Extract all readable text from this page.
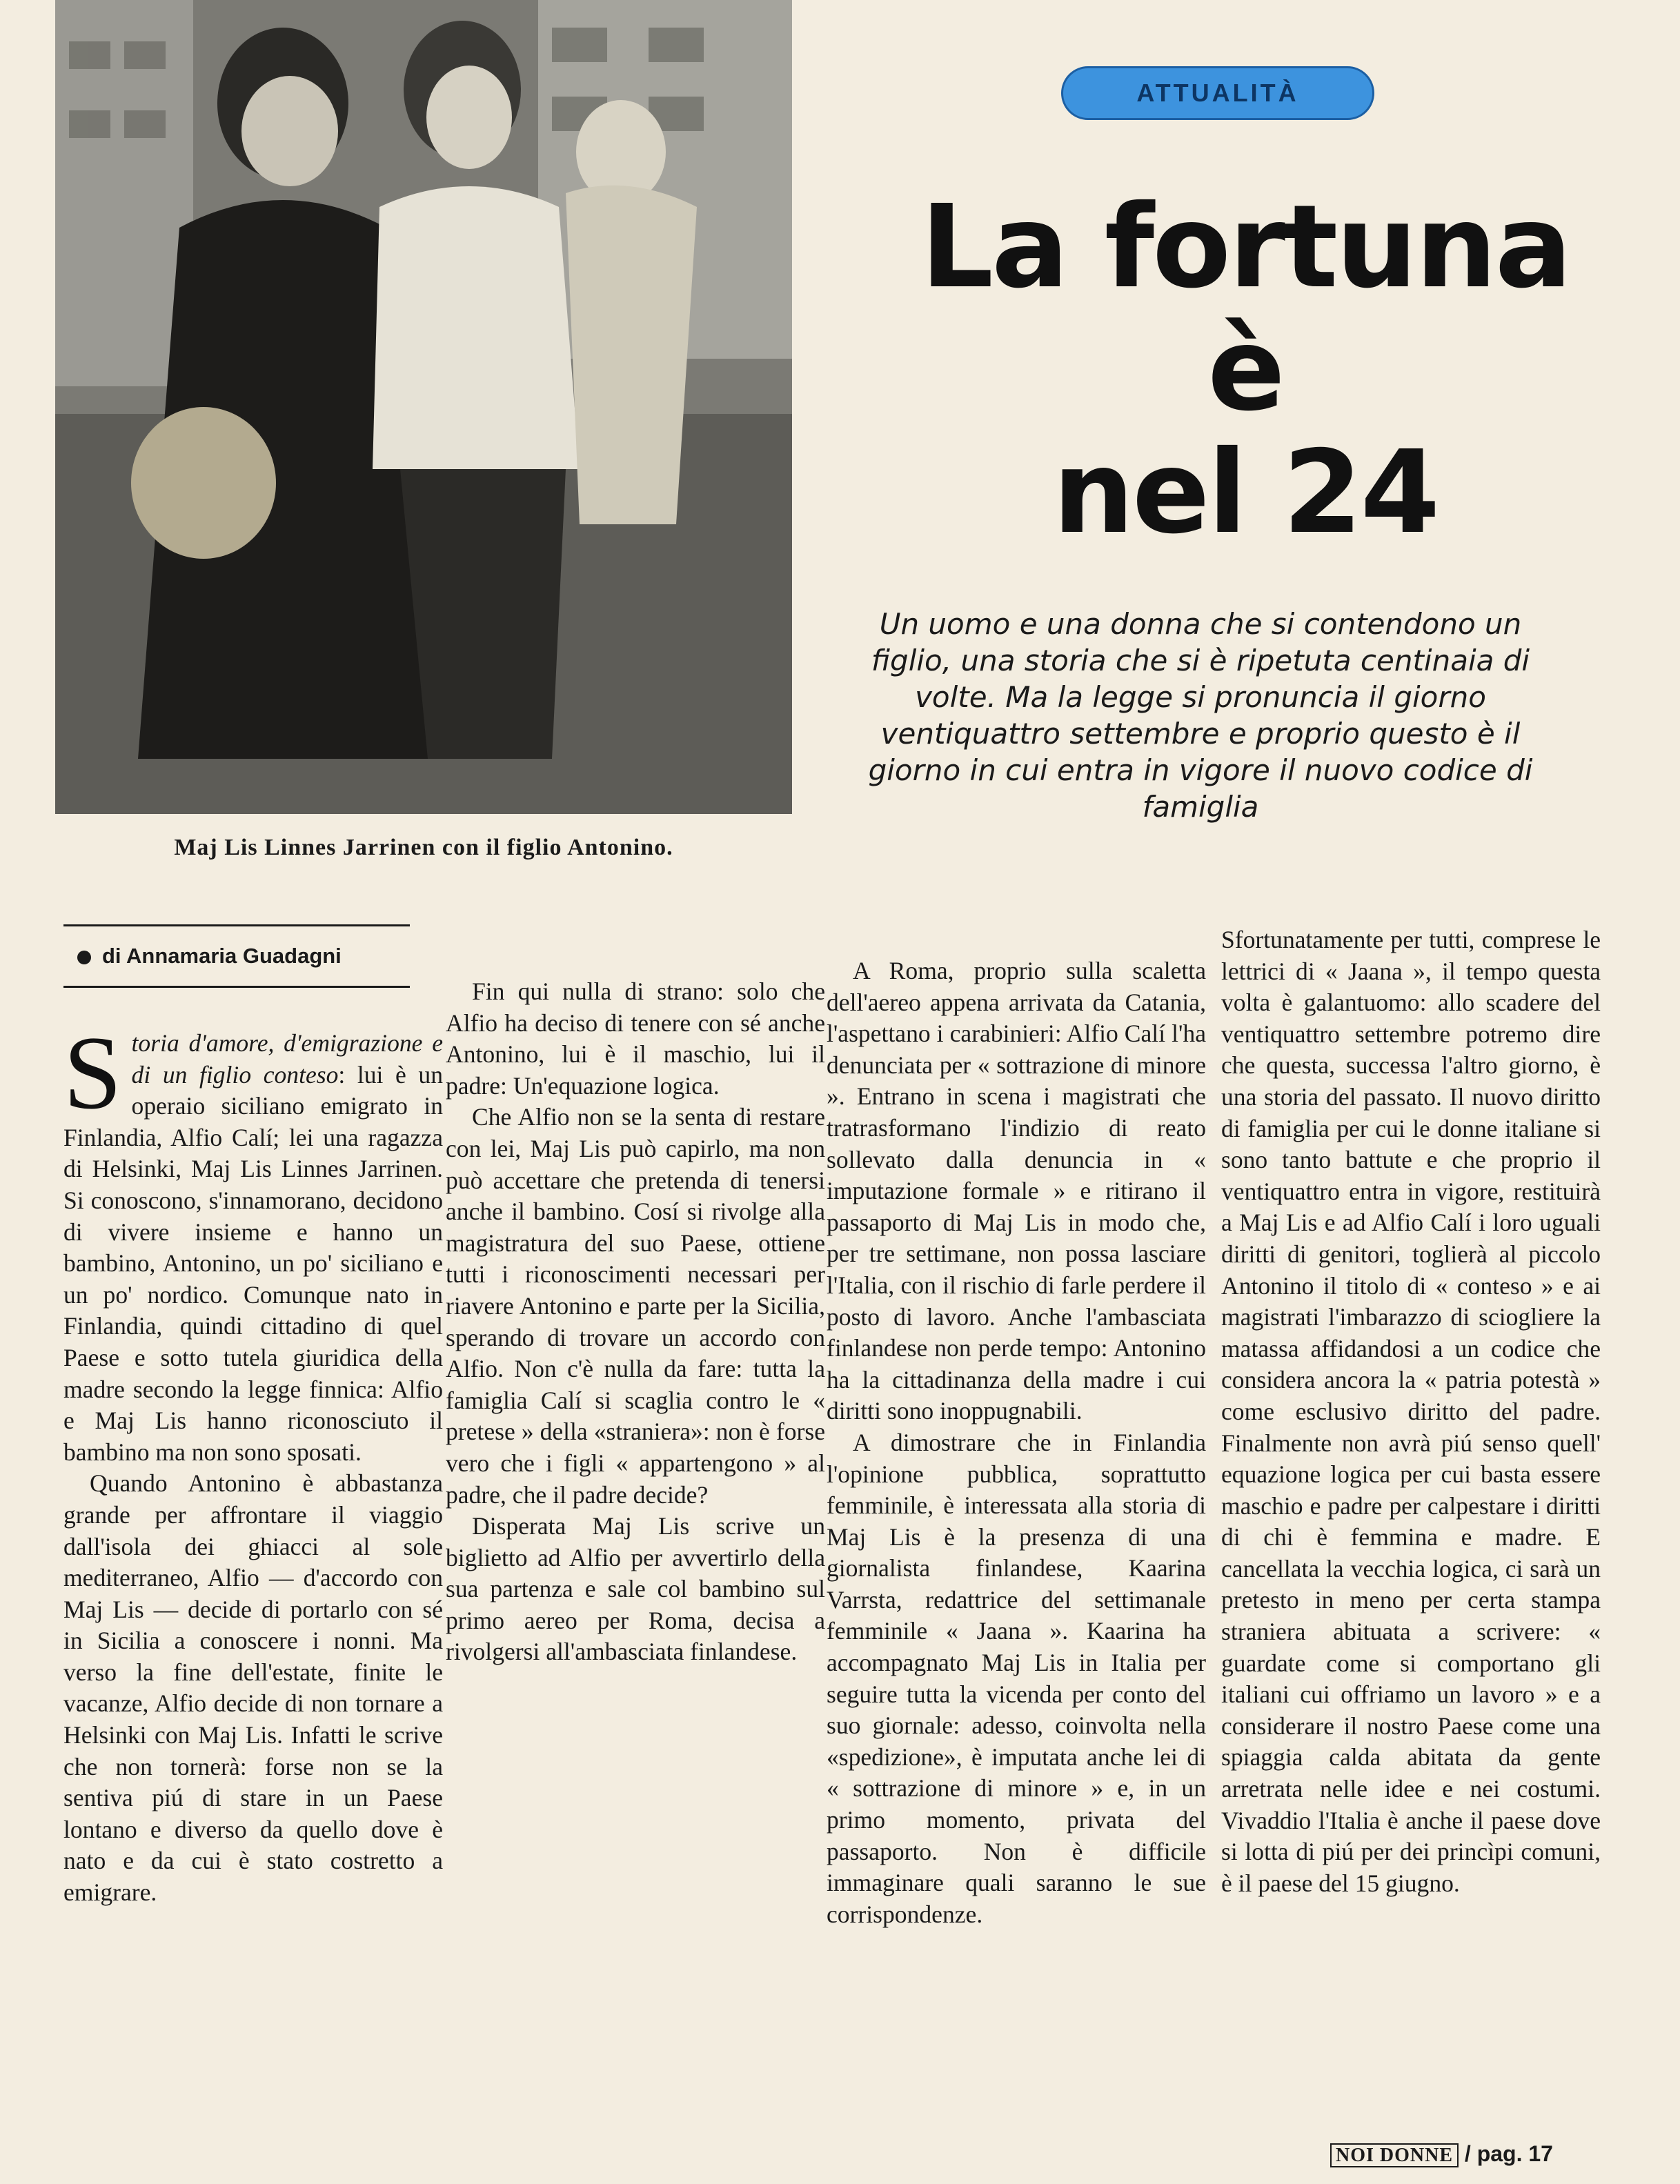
Maj Lis Linnes Jarrinen con il figlio Antonino.
ATTUALITÀ
La fortuna
è
nel 24
Un uomo e una donna che si contendono un figlio, una storia che si è ripetuta centinaia di volte. Ma la legge si pronuncia il giorno ventiquattro settembre e proprio questo è il giorno in cui entra in vigore il nuovo codice di famiglia
di Annamaria Guadagni

Storia d'amore, d'emigrazione e di un figlio conteso: lui è un operaio siciliano emigrato in Finlandia, Alfio Calí; lei una ragazza di Helsinki, Maj Lis Linnes Jarrinen. Si conoscono, s'innamorano, decidono di vivere insieme e hanno un bambino, Antonino, un po' siciliano e un po' nordico. Comunque nato in Finlandia, quindi cittadino di quel Paese e sotto tutela giuridica della madre secondo la legge finnica: Alfio e Maj Lis hanno riconosciuto il bambino ma non sono sposati.

Quando Antonino è abbastanza grande per affrontare il viaggio dall'isola dei ghiacci al sole mediterraneo, Alfio — d'accordo con Maj Lis — decide di portarlo con sé in Sicilia a conoscere i nonni. Ma verso la fine dell'estate, finite le vacanze, Alfio decide di non tornare a Helsinki con Maj Lis. Infatti le scrive che non tornerà: forse non se la sentiva piú di stare in un Paese lontano e diverso da quello dove è nato e da cui è stato costretto a emigrare.

Fin qui nulla di strano: solo che Alfio ha deciso di tenere con sé anche Antonino, lui è il maschio, lui il padre: Un'equazione logica.

Che Alfio non se la senta di restare con lei, Maj Lis può capirlo, ma non può accettare che pretenda di tenersi anche il bambino. Cosí si rivolge alla magistratura del suo Paese, ottiene tutti i riconoscimenti necessari per riavere Antonino e parte per la Sicilia, sperando di trovare un accordo con Alfio. Non c'è nulla da fare: tutta la famiglia Calí si scaglia contro le « pretese » della «straniera»: non è forse vero che i figli « appartengono » al padre, che il padre decide?

Disperata Maj Lis scrive un biglietto ad Alfio per avvertirlo della sua partenza e sale col bambino sul primo aereo per Roma, decisa a rivolgersi all'ambasciata finlandese.

A Roma, proprio sulla scaletta dell'aereo appena arrivata da Catania, l'aspettano i carabinieri: Alfio Calí l'ha denunciata per « sottrazione di minore ». Entrano in scena i magistrati che tratrasformano l'indizio di reato sollevato dalla denuncia in « imputazione formale » e ritirano il passaporto di Maj Lis in modo che, per tre settimane, non possa lasciare l'Italia, con il rischio di farle perdere il posto di lavoro. Anche l'ambasciata finlandese non perde tempo: Antonino ha la cittadinanza della madre i cui diritti sono inoppugnabili.

A dimostrare che in Finlandia l'opinione pubblica, soprattutto femminile, è interessata alla storia di Maj Lis è la presenza di una giornalista finlandese, Kaarina Varrsta, redattrice del settimanale femminile « Jaana ». Kaarina ha accompagnato Maj Lis in Italia per seguire tutta la vicenda per conto del suo giornale: adesso, coinvolta nella «spedizione», è imputata anche lei di « sottrazione di minore » e, in un primo momento, privata del passaporto. Non è difficile immaginare quali saranno le sue corrispondenze.

Sfortunatamente per tutti, comprese le lettrici di « Jaana », il tempo questa volta è galantuomo: allo scadere del ventiquattro settembre potremo dire che questa, successa l'altro giorno, è una storia del passato. Il nuovo diritto di famiglia per cui le donne italiane si sono tanto battute e che proprio il ventiquattro entra in vigore, restituirà a Maj Lis e ad Alfio Calí i loro uguali diritti di genitori, toglierà al piccolo Antonino il titolo di « conteso » e ai magistrati l'imbarazzo di sciogliere la matassa affidandosi a un codice che considera ancora la « patria potestà » come esclusivo diritto del padre. Finalmente non avrà piú senso quell' equazione logica per cui basta essere maschio e padre per calpestare i diritti di chi è femmina e madre. E cancellata la vecchia logica, ci sarà un pretesto in meno per certa stampa straniera abituata a scrivere: « guardate come si comportano gli italiani cui offriamo un lavoro » e a considerare il nostro Paese come una spiaggia calda abitata da gente arretrata nelle idee e nei costumi. Vivaddio l'Italia è anche il paese dove si lotta di piú per dei princìpi comuni, è il paese del 15 giugno.

NOI DONNE / pag. 17
